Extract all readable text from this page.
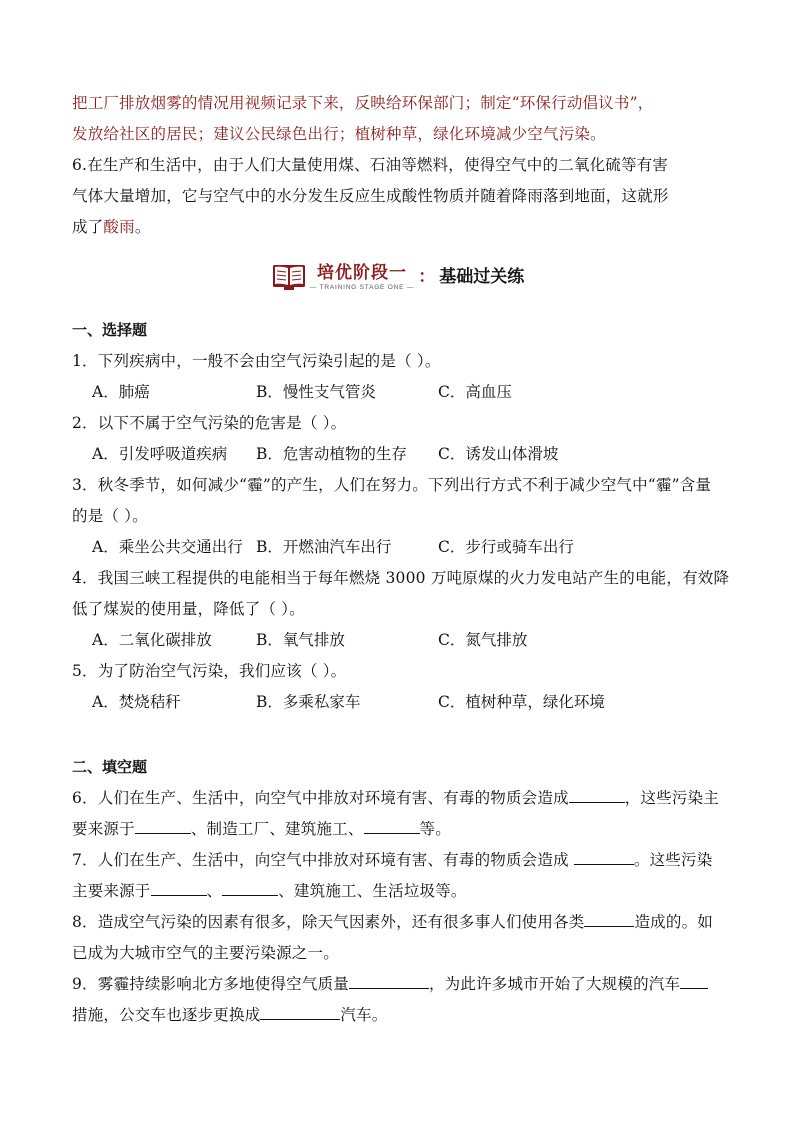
把工厂排放烟雾的情况用视频记录下来，反映给环保部门；制定“环保行动倡议书”，
发放给社区的居民；建议公民绿色出行；植树种草，绿化环境减少空气污染。
6.在生产和生活中，由于人们大量使用煤、石油等燃料，使得空气中的二氧化硫等有害
气体大量增加，它与空气中的水分发生反应生成酸性物质并随着降雨落到地面，这就形
成了酸雨。
培优阶段一
— TRAINING STAGE ONE — ： 基础过关练
一、选择题
1．下列疾病中，一般不会由空气污染引起的是（ ）。
A．肺癌	B．慢性支气管炎	C．高血压
2．以下不属于空气污染的危害是（ ）。
A．引发呼吸道疾病	B．危害动植物的生存	C．诱发山体滑坡
3．秋冬季节，如何减少“霾”的产生，人们在努力。下列出行方式不利于减少空气中“霾”含量
的是（ ）。
A．乘坐公共交通出行 B．开燃油汽车出行	C．步行或骑车出行
4．我国三峡工程提供的电能相当于每年燃烧 3000 万吨原煤的火力发电站产生的电能，有效降
低了煤炭的使用量，降低了（ ）。
A．二氧化碳排放	B．氧气排放	C．氮气排放
5．为了防治空气污染，我们应该（ ）。
A．焚烧秸秆	B．多乘私家车	C．植树种草，绿化环境
二、填空题
6．人们在生产、生活中，向空气中排放对环境有害、有毒的物质会造成	，这些污染主
要来源于	、制造工厂、建筑施工、	等。
7．人们在生产、生活中，向空气中排放对环境有害、有毒的物质会造成	。这些污染
主要来源于	、	、建筑施工、生活垃圾等。
8．造成空气污染的因素有很多，除天气因素外，还有很多事人们使用各类	造成的。如
已成为大城市空气的主要污染源之一。
9．雾霾持续影响北方多地使得空气质量	，为此许多城市开始了大规模的汽车
措施，公交车也逐步更换成	汽车。
